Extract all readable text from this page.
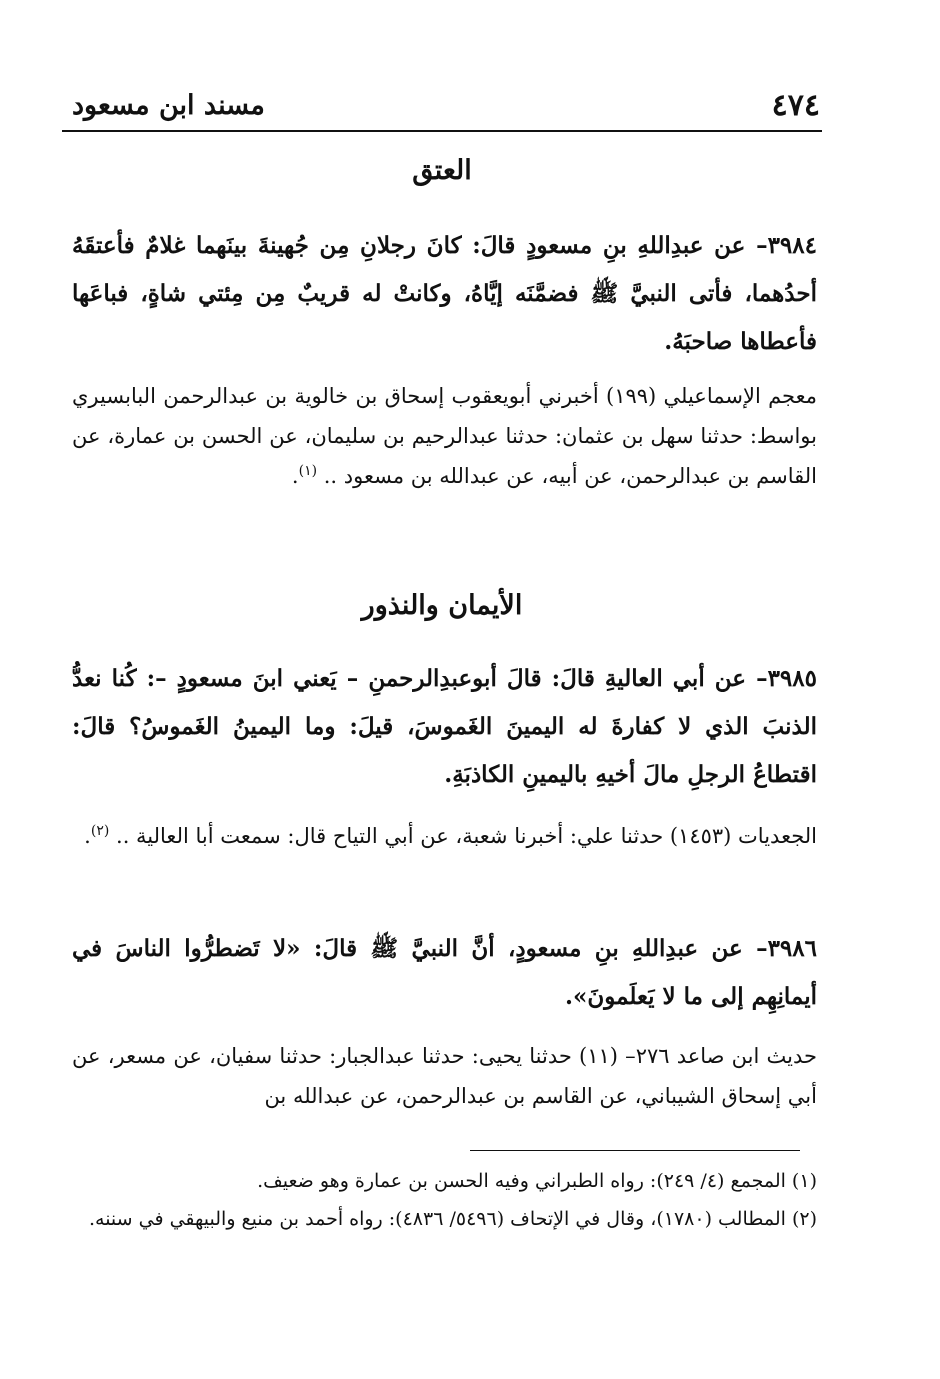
٤٧٤
مسند ابن مسعود
العتق
٣٩٨٤– عن عبدِاللهِ بنِ مسعودٍ قالَ: كانَ رجلانِ مِن جُهينةَ بينَهما غلامٌ فأعتقَهُ أحدُهما، فأتى النبيَّ ﷺ فضمَّنَه إيَّاهُ، وكانتْ له قريبٌ مِن مِئتي شاةٍ، فباعَها فأعطاها صاحبَهُ.
معجم الإسماعيلي (١٩٩) أخبرني أبويعقوب إسحاق بن خالوية بن عبدالرحمن البابسيري بواسط: حدثنا سهل بن عثمان: حدثنا عبدالرحيم بن سليمان، عن الحسن بن عمارة، عن القاسم بن عبدالرحمن، عن أبيه، عن عبدالله بن مسعود .. $^{(١)}$.
الأيمان والنذور
٣٩٨٥– عن أبي العاليةِ قالَ: قالَ أبوعبدِالرحمنِ – يَعني ابنَ مسعودٍ –: كُنا نعدُّ الذنبَ الذي لا كفارةَ له اليمينَ الغَموسَ، قيلَ: وما اليمينُ الغَموسُ؟ قالَ: اقتطاعُ الرجلِ مالَ أخيهِ باليمينِ الكاذبَةِ.
الجعديات (١٤٥٣) حدثنا علي: أخبرنا شعبة، عن أبي التياح قال: سمعت أبا العالية .. $^{(٢)}$.
٣٩٨٦– عن عبدِاللهِ بنِ مسعودٍ، أنَّ النبيَّ ﷺ قالَ: «لا تَضطرُّوا الناسَ في أيمانِهِم إلى ما لا يَعلَمونَ».
حديث ابن صاعد ٢٧٦– (١١) حدثنا يحيى: حدثنا عبدالجبار: حدثنا سفيان، عن مسعر، عن أبي إسحاق الشيباني، عن القاسم بن عبدالرحمن، عن عبدالله بن
(١) المجمع (٤/ ٢٤٩): رواه الطبراني وفيه الحسن بن عمارة وهو ضعيف.
(٢) المطالب (١٧٨٠)، وقال في الإتحاف (٥٤٩٦/ ٤٨٣٦): رواه أحمد بن منيع والبيهقي في سننه.
